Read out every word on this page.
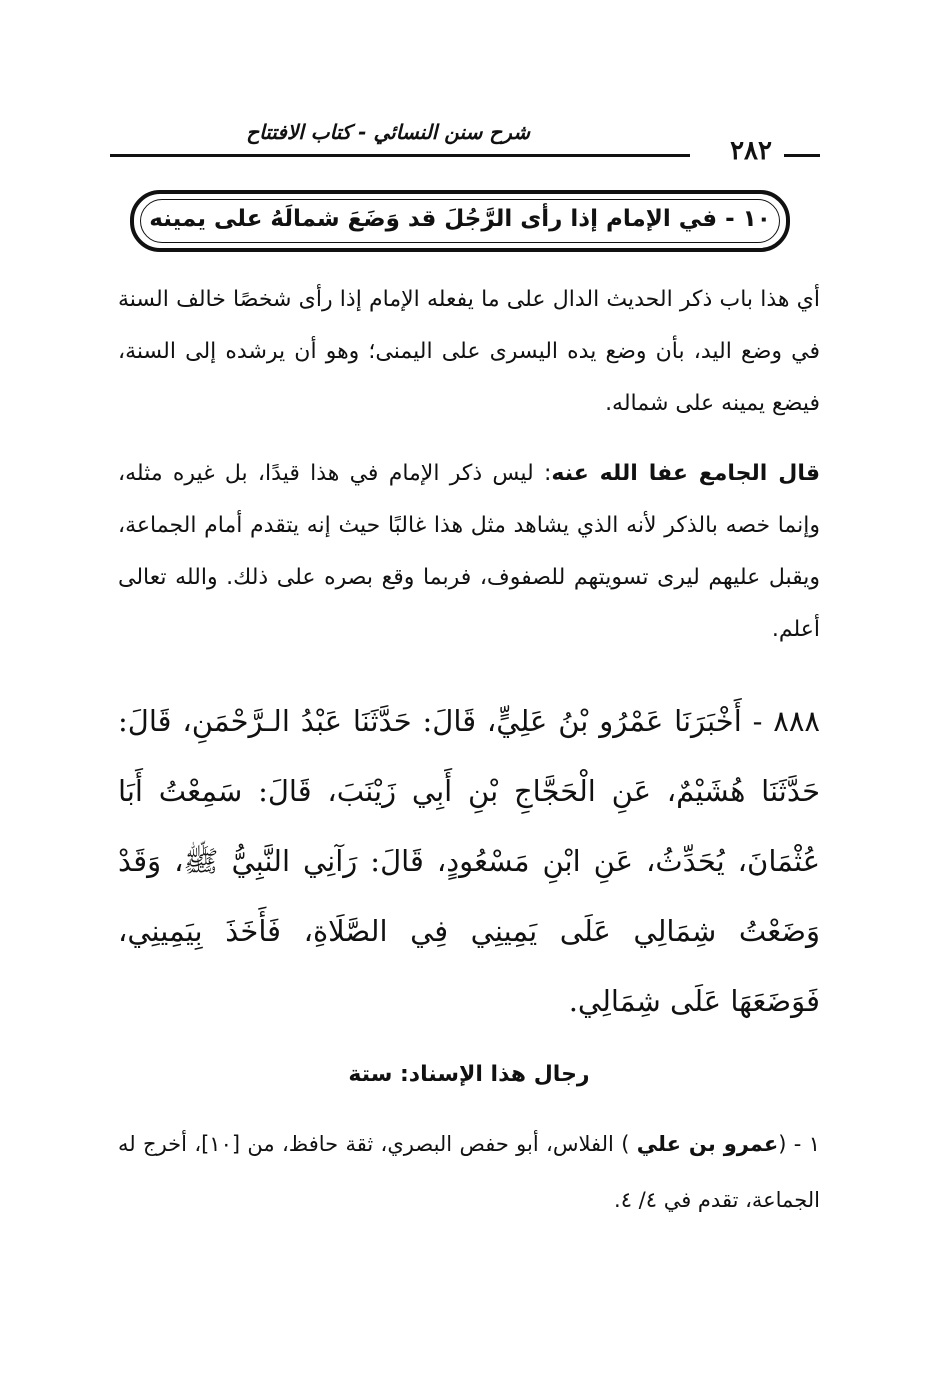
شرح سنن النسائي - كتاب الافتتاح
٢٨٢
١٠ - في الإمام إذا رأى الرَّجُلَ قد وَضَعَ شمالَهُ على يمينه
أي هذا باب ذكر الحديث الدال على ما يفعله الإمام إذا رأى شخصًا خالف السنة في وضع اليد، بأن وضع يده اليسرى على اليمنى؛ وهو أن يرشده إلى السنة، فيضع يمينه على شماله.
قال الجامع عفا الله عنه: ليس ذكر الإمام في هذا قيدًا، بل غيره مثله، وإنما خصه بالذكر لأنه الذي يشاهد مثل هذا غالبًا حيث إنه يتقدم أمام الجماعة، ويقبل عليهم ليرى تسويتهم للصفوف، فربما وقع بصره على ذلك. والله تعالى أعلم.
٨٨٨ - أَخْبَرَنَا عَمْرُو بْنُ عَلِيٍّ، قَالَ: حَدَّثَنَا عَبْدُ الـرَّحْمَنِ، قَالَ: حَدَّثَنَا هُشَيْمٌ، عَنِ الْحَجَّاجِ بْنِ أَبِي زَيْنَبَ، قَالَ: سَمِعْتُ أَبَا عُثْمَانَ، يُحَدِّثُ، عَنِ ابْنِ مَسْعُودٍ، قَالَ: رَآنِي النَّبِيُّ ﷺ، وَقَدْ وَضَعْتُ شِمَالِي عَلَى يَمِينِي فِي الصَّلَاةِ، فَأَخَذَ بِيَمِينِي، فَوَضَعَهَا عَلَى شِمَالِي.
رجال هذا الإسناد: ستة
١ - (عمرو بن علي ) الفلاس، أبو حفص البصري، ثقة حافظ، من [١٠]، أخرج له الجماعة، تقدم في ٤/ ٤.
